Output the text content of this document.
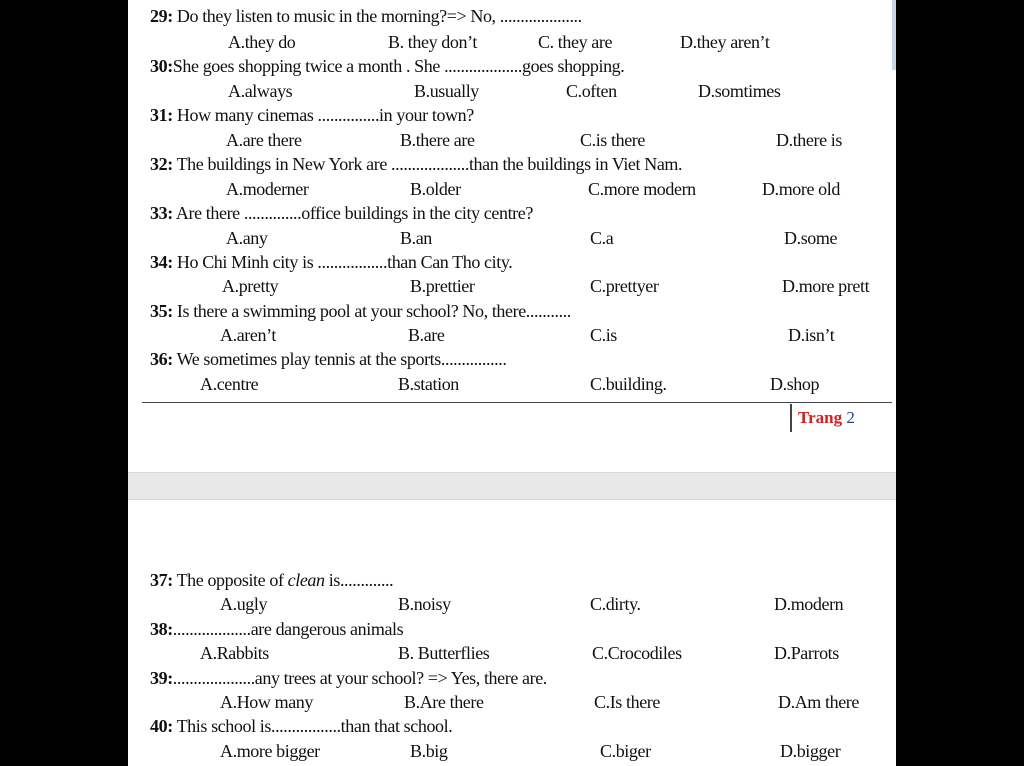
29: Do they listen to music in the morning?=> No, ....................
A.they do	B. they don’t	C. they are	D.they aren’t
30:She goes shopping twice a month . She ...................goes shopping.
A.always	B.usually	C.often	D.somtimes
31: How many cinemas ...............in your town?
A.are there	B.there are	C.is there	D.there is
32: The buildings in New York are ...................than the buildings in Viet Nam.
A.moderner	B.older	C.more modern	D.more old
33: Are there ..............office buildings in the city centre?
A.any	B.an	C.a	D.some
34: Ho Chi Minh city is .................than Can Tho city.
A.pretty	B.prettier	C.prettyer	D.more prett
35: Is there a swimming pool at your school? No, there...........
A.aren’t	B.are	C.is	D.isn’t
36: We sometimes play tennis at the sports................
A.centre	B.station	C.building.	D.shop
Trang 2
37: The opposite of clean is.............
A.ugly	B.noisy	C.dirty.	D.modern
38:...................are dangerous animals
A.Rabbits	B. Butterflies	C.Crocodiles	D.Parrots
39:....................any trees at your school? => Yes, there are.
A.How many	B.Are there	C.Is there	D.Am there
40: This school is.................than that school.
A.more bigger	B.big	C.biger	D.bigger
